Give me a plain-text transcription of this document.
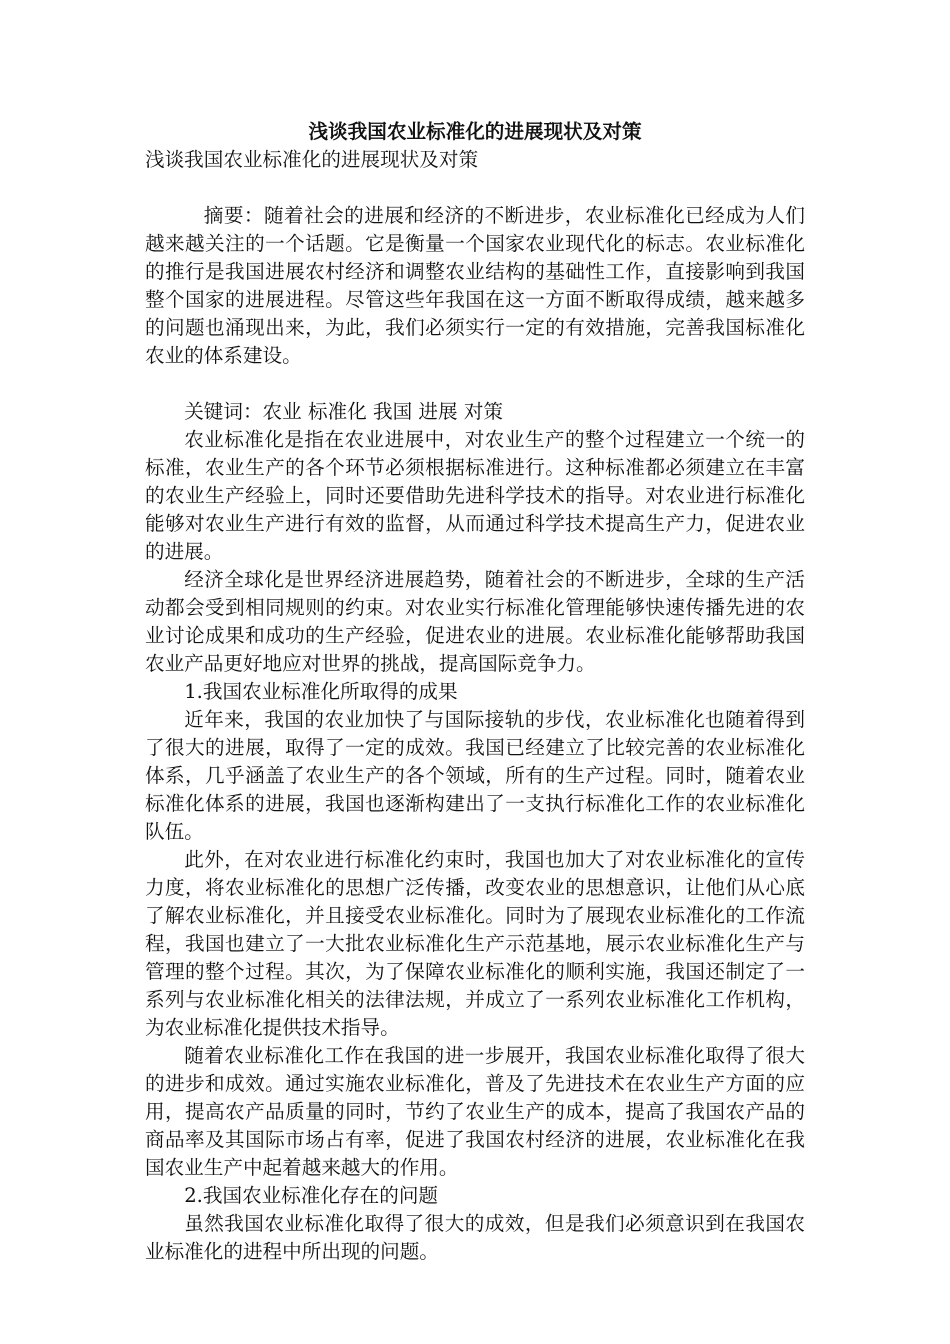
浅谈我国农业标准化的进展现状及对策
浅谈我国农业标准化的进展现状及对策

摘要：随着社会的进展和经济的不断进步，农业标准化已经成为人们越来越关注的一个话题。它是衡量一个国家农业现代化的标志。农业标准化的推行是我国进展农村经济和调整农业结构的基础性工作，直接影响到我国整个国家的进展进程。尽管这些年我国在这一方面不断取得成绩，越来越多的问题也涌现出来，为此，我们必须实行一定的有效措施，完善我国标准化农业的体系建设。

关键词：农业 标准化 我国 进展 对策

农业标准化是指在农业进展中，对农业生产的整个过程建立一个统一的标准，农业生产的各个环节必须根据标准进行。这种标准都必须建立在丰富的农业生产经验上，同时还要借助先进科学技术的指导。对农业进行标准化能够对农业生产进行有效的监督，从而通过科学技术提高生产力，促进农业的进展。

经济全球化是世界经济进展趋势，随着社会的不断进步，全球的生产活动都会受到相同规则的约束。对农业实行标准化管理能够快速传播先进的农业讨论成果和成功的生产经验，促进农业的进展。农业标准化能够帮助我国农业产品更好地应对世界的挑战，提高国际竞争力。

1.我国农业标准化所取得的成果

近年来，我国的农业加快了与国际接轨的步伐，农业标准化也随着得到了很大的进展，取得了一定的成效。我国已经建立了比较完善的农业标准化体系，几乎涵盖了农业生产的各个领域，所有的生产过程。同时，随着农业标准化体系的进展，我国也逐渐构建出了一支执行标准化工作的农业标准化队伍。

此外，在对农业进行标准化约束时，我国也加大了对农业标准化的宣传力度，将农业标准化的思想广泛传播，改变农业的思想意识，让他们从心底了解农业标准化，并且接受农业标准化。同时为了展现农业标准化的工作流程，我国也建立了一大批农业标准化生产示范基地，展示农业标准化生产与管理的整个过程。其次，为了保障农业标准化的顺利实施，我国还制定了一系列与农业标准化相关的法律法规，并成立了一系列农业标准化工作机构，为农业标准化提供技术指导。

随着农业标准化工作在我国的进一步展开，我国农业标准化取得了很大的进步和成效。通过实施农业标准化，普及了先进技术在农业生产方面的应用，提高农产品质量的同时，节约了农业生产的成本，提高了我国农产品的商品率及其国际市场占有率，促进了我国农村经济的进展，农业标准化在我国农业生产中起着越来越大的作用。

2.我国农业标准化存在的问题

虽然我国农业标准化取得了很大的成效，但是我们必须意识到在我国农业标准化的进程中所出现的问题。
